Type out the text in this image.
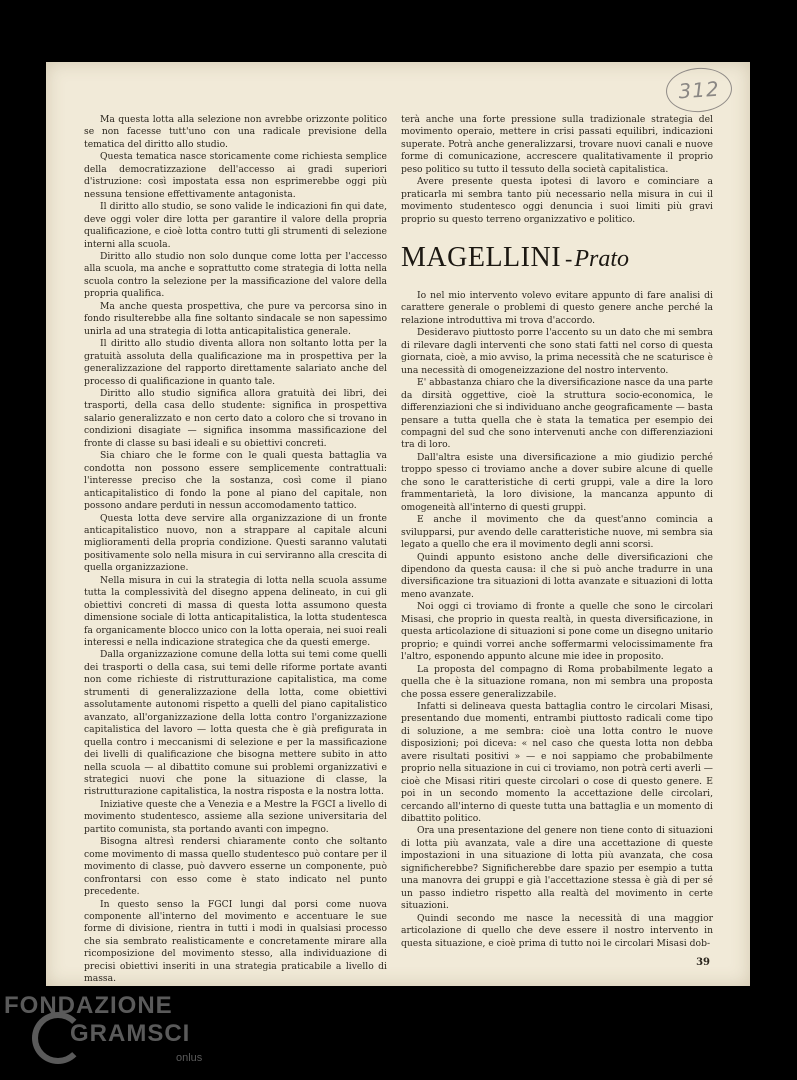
312

Ma questa lotta alla selezione non avrebbe orizzonte politico se non facesse tutt'uno con una radicale previsione della tematica del diritto allo studio.

Questa tematica nasce storicamente come richiesta semplice della democratizzazione dell'accesso ai gradi superiori d'istruzione: così impostata essa non esprimerebbe oggi più nessuna tensione effettivamente antagonista.

Il diritto allo studio, se sono valide le indicazioni fin qui date, deve oggi voler dire lotta per garantire il valore della propria qualificazione, e cioè lotta contro tutti gli strumenti di selezione interni alla scuola.

Diritto allo studio non solo dunque come lotta per l'accesso alla scuola, ma anche e soprattutto come strategia di lotta nella scuola contro la selezione per la massificazione del valore della propria qualifica.

Ma anche questa prospettiva, che pure va percorsa sino in fondo risulterebbe alla fine soltanto sindacale se non sapessimo unirla ad una strategia di lotta anticapitalistica generale.

Il diritto allo studio diventa allora non soltanto lotta per la gratuità assoluta della qualificazione ma in prospettiva per la generalizzazione del rapporto direttamente salariato anche del processo di qualificazione in quanto tale.

Diritto allo studio significa allora gratuità dei libri, dei trasporti, della casa dello studente: significa in prospettiva salario generalizzato e non certo dato a coloro che si trovano in condizioni disagiate — significa insomma massificazione del fronte di classe su basi ideali e su obiettivi concreti.

Sia chiaro che le forme con le quali questa battaglia va condotta non possono essere semplicemente contrattuali: l'interesse preciso che la sostanza, così come il piano anticapitalistico di fondo la pone al piano del capitale, non possono andare perduti in nessun accomodamento tattico.

Questa lotta deve servire alla organizzazione di un fronte anticapitalistico nuovo, non a strappare al capitale alcuni miglioramenti della propria condizione. Questi saranno valutati positivamente solo nella misura in cui serviranno alla crescita di quella organizzazione.

Nella misura in cui la strategia di lotta nella scuola assume tutta la complessività del disegno appena delineato, in cui gli obiettivi concreti di massa di questa lotta assumono questa dimensione sociale di lotta anticapitalistica, la lotta studentesca fa organicamente blocco unico con la lotta operaia, nei suoi reali interessi e nella indicazione strategica che da questi emerge.

Dalla organizzazione comune della lotta sui temi come quelli dei trasporti o della casa, sui temi delle riforme portate avanti non come richieste di ristrutturazione capitalistica, ma come strumenti di generalizzazione della lotta, come obiettivi assolutamente autonomi rispetto a quelli del piano capitalistico avanzato, all'organizzazione della lotta contro l'organizzazione capitalistica del lavoro — lotta questa che è già prefigurata in quella contro i meccanismi di selezione e per la massificazione dei livelli di qualificazione che bisogna mettere subito in atto nella scuola — al dibattito comune sui problemi organizzativi e strategici nuovi che pone la situazione di classe, la ristrutturazione capitalistica, la nostra risposta e la nostra lotta.

Iniziative queste che a Venezia e a Mestre la FGCI a livello di movimento studentesco, assieme alla sezione universitaria del partito comunista, sta portando avanti con impegno.

Bisogna altresì rendersi chiaramente conto che soltanto come movimento di massa quello studentesco può contare per il movimento di classe, può davvero esserne un componente, può confrontarsi con esso come è stato indicato nel punto precedente.

In questo senso la FGCI lungi dal porsi come nuova componente all'interno del movimento e accentuare le sue forme di divisione, rientra in tutti i modi in qualsiasi processo che sia sembrato realisticamente e concretamente mirare alla ricomposizione del movimento stesso, alla individuazione di precisi obiettivi inseriti in una strategia praticabile a livello di massa.

terà anche una forte pressione sulla tradizionale strategia del movimento operaio, mettere in crisi passati equilibri, indicazioni superate. Potrà anche generalizzarsi, trovare nuovi canali e nuove forme di comunicazione, accrescere qualitativamente il proprio peso politico su tutto il tessuto della società capitalistica.

Avere presente questa ipotesi di lavoro e cominciare a praticarla mi sembra tanto più necessario nella misura in cui il movimento studentesco oggi denuncia i suoi limiti più gravi proprio su questo terreno organizzativo e politico.

MAGELLINI -Prato

Io nel mio intervento volevo evitare appunto di fare analisi di carattere generale o problemi di questo genere anche perché la relazione introduttiva mi trova d'accordo.

Desideravo piuttosto porre l'accento su un dato che mi sembra di rilevare dagli interventi che sono stati fatti nel corso di questa giornata, cioè, a mio avviso, la prima necessità che ne scaturisce è una necessità di omogeneizzazione del nostro intervento.

E' abbastanza chiaro che la diversificazione nasce da una parte da dirsità oggettive, cioè la struttura socio-economica, le differenziazioni che si individuano anche geograficamente — basta pensare a tutta quella che è stata la tematica per esempio dei compagni del sud che sono intervenuti anche con differenziazioni tra di loro.

Dall'altra esiste una diversificazione a mio giudizio perché troppo spesso ci troviamo anche a dover subire alcune di quelle che sono le caratteristiche di certi gruppi, vale a dire la loro frammentarietà, la loro divisione, la mancanza appunto di omogeneità all'interno di questi gruppi.

E anche il movimento che da quest'anno comincia a svilupparsi, pur avendo delle caratteristiche nuove, mi sembra sia legato a quello che era il movimento degli anni scorsi.

Quindi appunto esistono anche delle diversificazioni che dipendono da questa causa: il che si può anche tradurre in una diversificazione tra situazioni di lotta avanzate e situazioni di lotta meno avanzate.

Noi oggi ci troviamo di fronte a quelle che sono le circolari Misasi, che proprio in questa realtà, in questa diversificazione, in questa articolazione di situazioni si pone come un disegno unitario proprio; e quindi vorrei anche soffermarmi velocissimamente fra l'altro, esponendo appunto alcune mie idee in proposito.

La proposta del compagno di Roma probabilmente legato a quella che è la situazione romana, non mi sembra una proposta che possa essere generalizzabile.

Infatti si delineava questa battaglia contro le circolari Misasi, presentando due momenti, entrambi piuttosto radicali come tipo di soluzione, a me sembra: cioè una lotta contro le nuove disposizioni; poi diceva: « nel caso che questa lotta non debba avere risultati positivi » — e noi sappiamo che probabilmente proprio nella situazione in cui ci troviamo, non potrà certi averli — cioè che Misasi ritiri queste circolari o cose di questo genere. E poi in un secondo momento la accettazione delle circolari, cercando all'interno di queste tutta una battaglia e un momento di dibattito politico.

Ora una presentazione del genere non tiene conto di situazioni di lotta più avanzata, vale a dire una accettazione di queste impostazioni in una situazione di lotta più avanzata, che cosa significherebbe? Significherebbe dare spazio per esempio a tutta una manovra dei gruppi e già l'accettazione stessa è già di per sé un passo indietro rispetto alla realtà del movimento in certe situazioni.

Quindi secondo me nasce la necessità di una maggior articolazione di quello che deve essere il nostro intervento in questa situazione, e cioè prima di tutto noi le circolari Misasi dob-

39
FONDAZIONE
GRAMSCI
onlus
